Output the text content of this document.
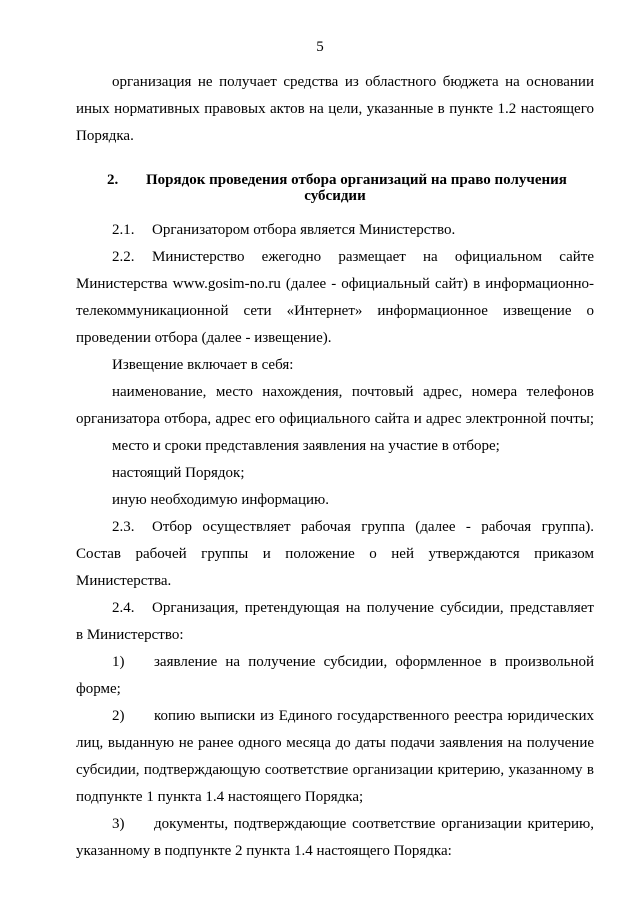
5
организация не получает средства из областного бюджета на основании
иных нормативных правовых актов на цели, указанные в пункте 1.2 настоящего
Порядка.
2. Порядок проведения отбора организаций на право получения
субсидии
2.1. Организатором отбора является Министерство.
2.2. Министерство ежегодно размещает на официальном сайте
Министерства www.gosim-no.ru (далее - официальный сайт) в информационно-
телекоммуникационной сети «Интернет» информационное извещение о
проведении отбора (далее - извещение).
Извещение включает в себя:
наименование, место нахождения, почтовый адрес, номера телефонов
организатора отбора, адрес его официального сайта и адрес электронной почты;
место и сроки представления заявления на участие в отборе;
настоящий Порядок;
иную необходимую информацию.
2.3. Отбор осуществляет рабочая группа (далее - рабочая группа).
Состав рабочей группы и положение о ней утверждаются приказом
Министерства.
2.4. Организация, претендующая на получение субсидии, представляет
в Министерство:
1) заявление на получение субсидии, оформленное в произвольной
форме;
2) копию выписки из Единого государственного реестра юридических
лиц, выданную не ранее одного месяца до даты подачи заявления на получение
субсидии, подтверждающую соответствие организации критерию, указанному в
подпункте 1 пункта 1.4 настоящего Порядка;
3) документы, подтверждающие соответствие организации критерию,
указанному в подпункте 2 пункта 1.4 настоящего Порядка:
